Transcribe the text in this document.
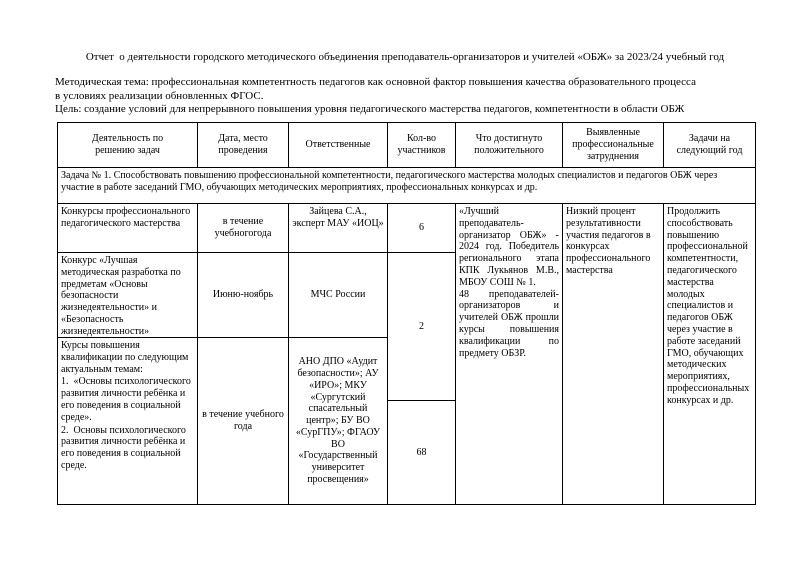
Отчет  о деятельности городского методического объединения преподаватель-организаторов и учителей «ОБЖ» за 2023/24 учебный год
Методическая тема: профессиональная компетентность педагогов как основной фактор повышения качества образовательного процесса
в условиях реализации обновленных ФГОС.
Цель: создание условий для непрерывного повышения уровня педагогического мастерства педагогов, компетентности в области ОБЖ
Деятельность по решению задач
Дата, место проведения
Ответственные
Кол-во участников
Что достигнуто положительного
Выявленные профессиональные затруднения
Задачи на следующий год
Задача № 1. Способствовать повышению профессиональной компетентности, педагогического мастерства молодых специалистов и педагогов ОБЖ через участие в работе заседаний ГМО, обучающих методических мероприятиях, профессиональных конкурсах и др.
Конкурсы профессионального педагогического мастерства
Конкурс «Лучшая методическая разработка по предметам «Основы безопасности жизнедеятельности» и «Безопасность жизнедеятельности»
Курсы повышения квалификации по следующим актуальным темам:
1.  «Основы психологического развития личности ребёнка и его поведения в социальной среде».
2.  Основы психологического развития личности ребёнка и его поведения в социальной среде.
в течение учебногогода
Июню-ноябрь
в течение учебного года
Зайцева С.А., эксперт МАУ «ИОЦ»
МЧС России
АНО ДПО «Аудит безопасности»; АУ «ИРО»; МКУ «Сургутский спасательный центр»; БУ ВО «СурГПУ»; ФГАОУ ВО «Государственный университет просвещения»
6
2
68
«Лучший преподаватель-организатор ОБЖ» - 2024 год. Победитель регионального этапа КПК Лукьянов М.В., МБОУ СОШ № 1.
48 преподавателей-организаторов и учителей ОБЖ прошли курсы повышения квалификации по предмету ОБЗР.
Низкий процент результативности участия педагогов в конкурсах профессионального мастерства
Продолжить способствовать повышению профессиональной компетентности, педагогического мастерства молодых специалистов и педагогов ОБЖ через участие в работе заседаний ГМО, обучающих методических мероприятиях, профессиональных конкурсах и др.
